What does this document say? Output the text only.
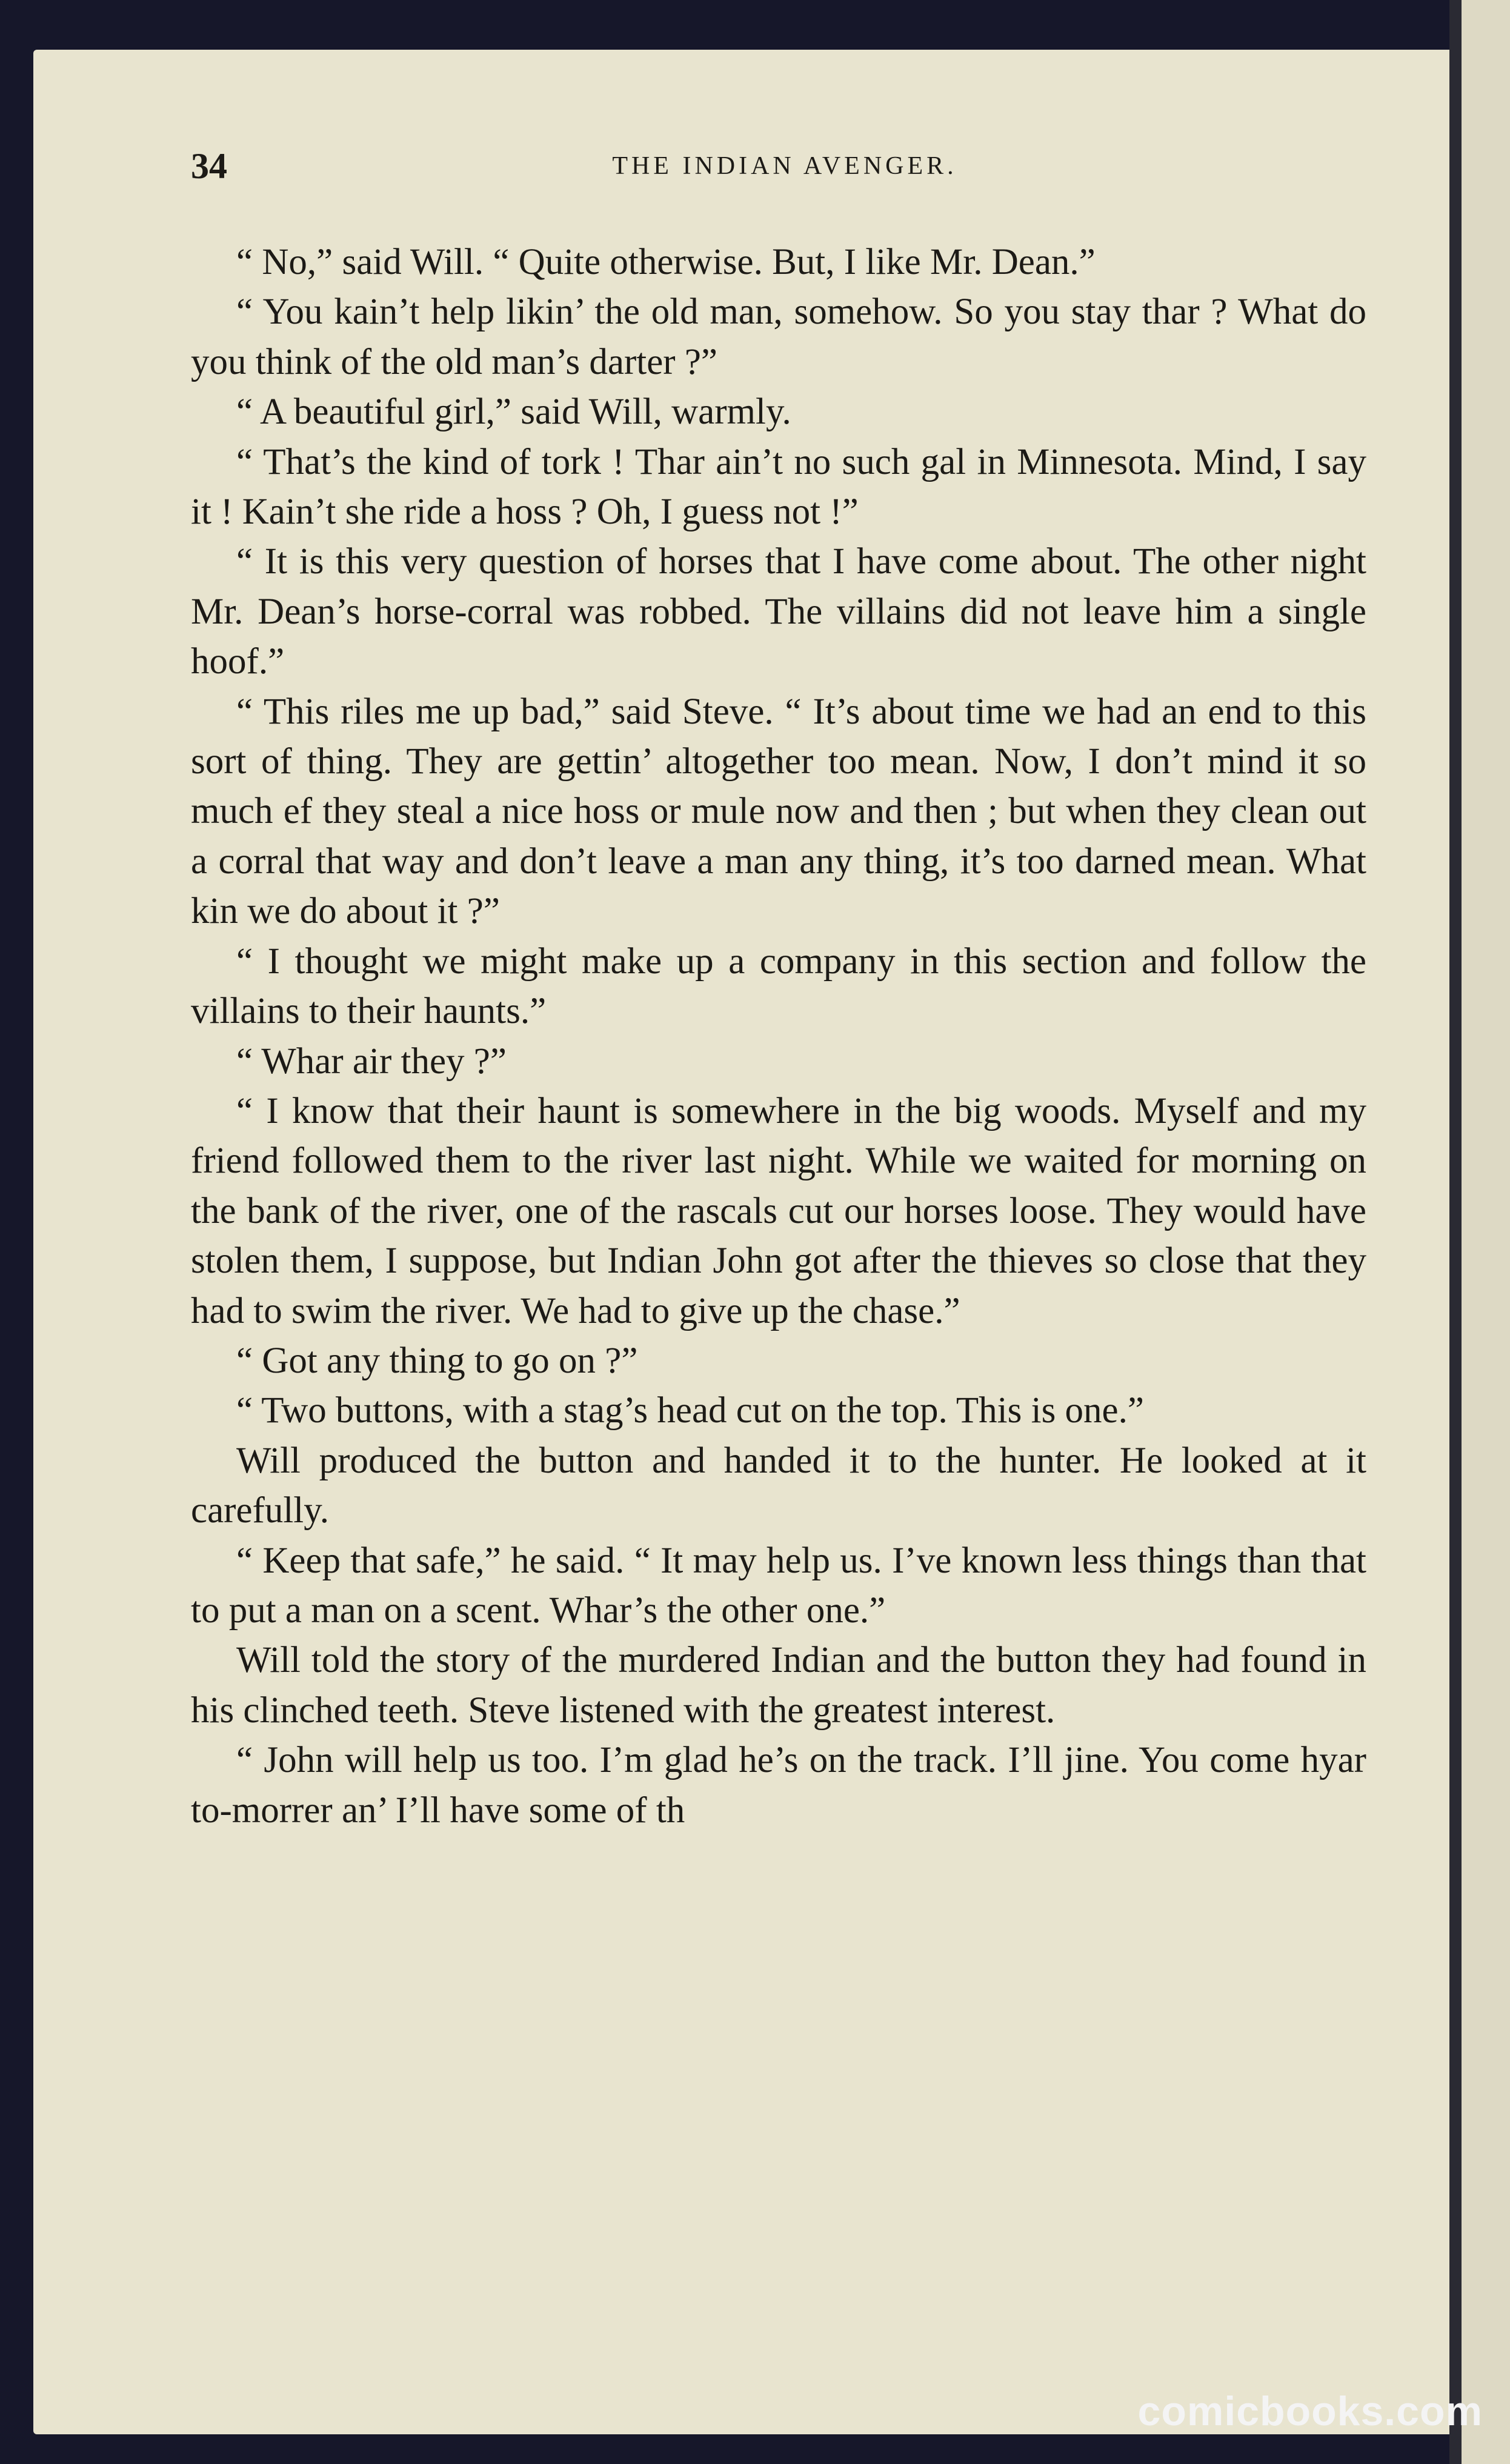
34	THE INDIAN AVENGER.

“ No,” said Will. “ Quite otherwise. But, I like Mr. Dean.”

“ You kain’t help likin’ the old man, somehow. So you stay thar ? What do you think of the old man’s darter ?”

“ A beautiful girl,” said Will, warmly.

“ That’s the kind of tork ! Thar ain’t no such gal in Minnesota. Mind, I say it ! Kain’t she ride a hoss ? Oh, I guess not !”

“ It is this very question of horses that I have come about. The other night Mr. Dean’s horse-corral was robbed. The villains did not leave him a single hoof.”

“ This riles me up bad,” said Steve. “ It’s about time we had an end to this sort of thing. They are gettin’ altogether too mean. Now, I don’t mind it so much ef they steal a nice hoss or mule now and then ; but when they clean out a corral that way and don’t leave a man any thing, it’s too darned mean. What kin we do about it ?”

“ I thought we might make up a company in this section and follow the villains to their haunts.”

“ Whar air they ?”

“ I know that their haunt is somewhere in the big woods. Myself and my friend followed them to the river last night. While we waited for morning on the bank of the river, one of the rascals cut our horses loose. They would have stolen them, I suppose, but Indian John got after the thieves so close that they had to swim the river. We had to give up the chase.”

“ Got any thing to go on ?”

“ Two buttons, with a stag’s head cut on the top. This is one.”

Will produced the button and handed it to the hunter. He looked at it carefully.

“ Keep that safe,” he said. “ It may help us. I’ve known less things than that to put a man on a scent. Whar’s the other one.”

Will told the story of the murdered Indian and the button they had found in his clinched teeth. Steve listened with the greatest interest.

“ John will help us too. I’m glad he’s on the track. I’ll jine. You come hyar to-morrer an’ I’ll have some of th

comicbooks.com
